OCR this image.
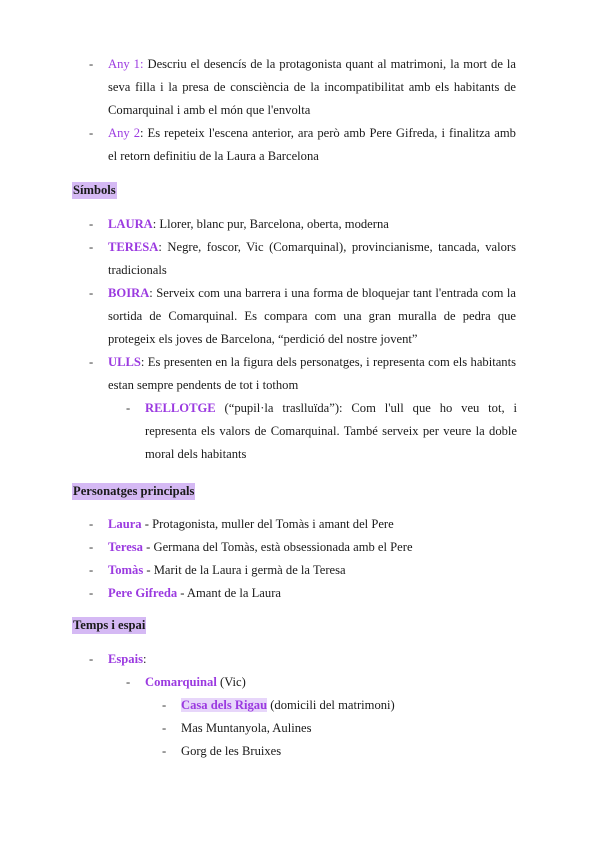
- Any 1: Descriu el desencís de la protagonista quant al matrimoni, la mort de la seva filla i la presa de consciència de la incompatibilitat amb els habitants de Comarquinal i amb el món que l'envolta
- Any 2: Es repeteix l'escena anterior, ara però amb Pere Gifreda, i finalitza amb el retorn definitiu de la Laura a Barcelona
Símbols
- LAURA: Llorer, blanc pur, Barcelona, oberta, moderna
- TERESA: Negre, foscor, Vic (Comarquinal), provincianisme, tancada, valors tradicionals
- BOIRA: Serveix com una barrera i una forma de bloquejar tant l'entrada com la sortida de Comarquinal. Es compara com una gran muralla de pedra que protegeix els joves de Barcelona, “perdició del nostre jovent”
- ULLS: Es presenten en la figura dels personatges, i representa com els habitants estan sempre pendents de tot i tothom
- RELLOTGE (“pupil·la traslluïda”): Com l'ull que ho veu tot, i representa els valors de Comarquinal. També serveix per veure la doble moral dels habitants
Personatges principals
- Laura - Protagonista, muller del Tomàs i amant del Pere
- Teresa - Germana del Tomàs, està obsessionada amb el Pere
- Tomàs - Marit de la Laura i germà de la Teresa
- Pere Gifreda - Amant de la Laura
Temps i espai
- Espais:
- Comarquinal (Vic)
- Casa dels Rigau (domicili del matrimoni)
- Mas Muntanyola, Aulines
- Gorg de les Bruixes
